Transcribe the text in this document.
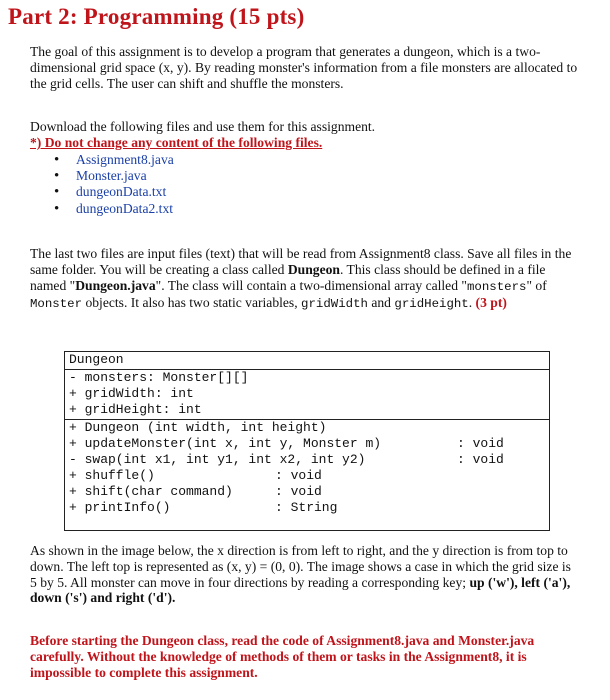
Part 2: Programming (15 pts)

The goal of this assignment is to develop a program that generates a dungeon, which is a two-dimensional grid space (x, y). By reading monster's information from a file monsters are allocated to the grid cells. The user can shift and shuffle the monsters.

Download the following files and use them for this assignment.

*) Do not change any content of the following files.
• Assignment8.java
• Monster.java
• dungeonData.txt
• dungeonData2.txt

The last two files are input files (text) that will be read from Assignment8 class. Save all files in the same folder. You will be creating a class called Dungeon. This class should be defined in a file named "Dungeon.java". The class will contain a two-dimensional array called "monsters" of Monster objects. It also has two static variables, gridWidth and gridHeight. (3 pt)

Dungeon

- monsters: Monster[][]

+ gridWidth: int

+ gridHeight: int

+ Dungeon (int width, int height)

+ updateMonster(int x, int y, Monster m)

	: void

- swap(int x1, int y1, int x2, int y2)

	: void

+ shuffle()

	: void

+ shift(char command)

	: void

+ printInfo()

	: String

As shown in the image below, the x direction is from left to right, and the y direction is from top to down. The left top is represented as (x, y) = (0, 0). The image shows a case in which the grid size is 5 by 5. All monster can move in four directions by reading a corresponding key; up ('w'), left ('a'), down ('s') and right ('d').

Before starting the Dungeon class, read the code of Assignment8.java and Monster.java carefully. Without the knowledge of methods of them or tasks in the Assignment8, it is impossible to complete this assignment.
